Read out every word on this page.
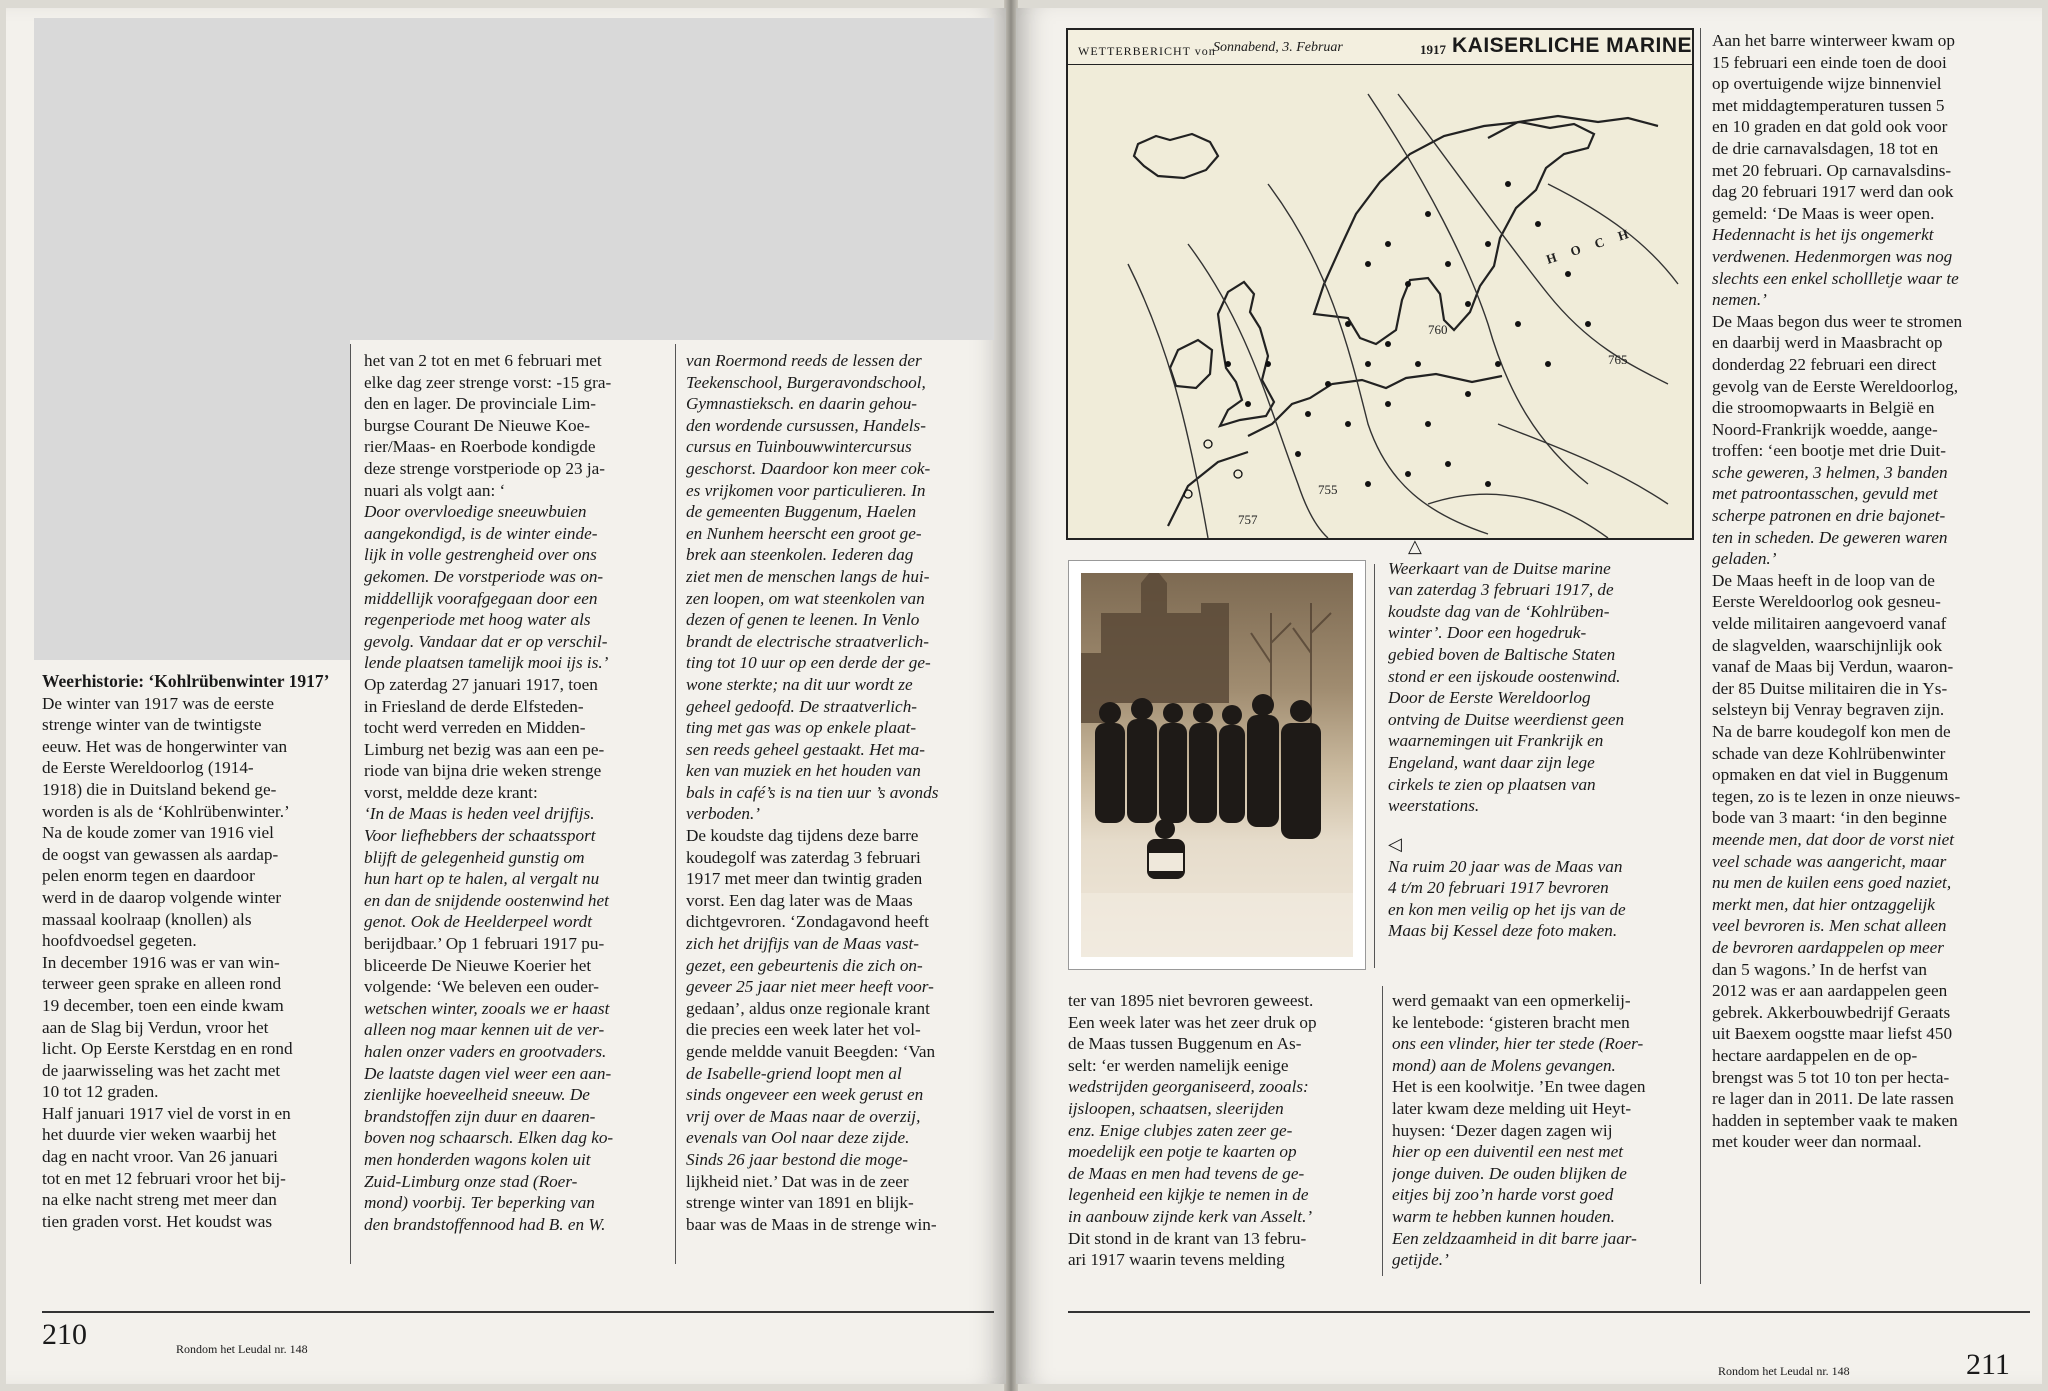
Weerhistorie: ‘Kohlrübenwinter 1917’

De winter van 1917 was de eerste
strenge winter van de twintigste
eeuw. Het was de hongerwinter van
de Eerste Wereldoorlog (1914-
1918) die in Duitsland bekend ge-
worden is als de ‘Kohlrübenwinter.’
Na de koude zomer van 1916 viel
de oogst van gewassen als aardap-
pelen enorm tegen en daardoor
werd in de daarop volgende winter
massaal koolraap (knollen) als
hoofdvoedsel gegeten.
In december 1916 was er van win-
terweer geen sprake en alleen rond
19 december, toen een einde kwam
aan de Slag bij Verdun, vroor het
licht. Op Eerste Kerstdag en en rond
de jaarwisseling was het zacht met
10 tot 12 graden.
Half januari 1917 viel de vorst in en
het duurde vier weken waarbij het
dag en nacht vroor. Van 26 januari
tot en met 12 februari vroor het bij-
na elke nacht streng met meer dan
tien graden vorst. Het koudst was
het van 2 tot en met 6 februari met
elke dag zeer strenge vorst: -15 gra-
den en lager. De provinciale Lim-
burgse Courant De Nieuwe Koe-
rier/Maas- en Roerbode kondigde
deze strenge vorstperiode op 23 ja-
nuari als volgt aan: ‘
Door overvloedige sneeuwbuien
aangekondigd, is de winter einde-
lijk in volle gestrengheid over ons
gekomen. De vorstperiode was on-
middellijk voorafgegaan door een
regenperiode met hoog water als
gevolg. Vandaar dat er op verschil-
lende plaatsen tamelijk mooi ijs is.’
Op zaterdag 27 januari 1917, toen
in Friesland de derde Elfsteden-
tocht werd verreden en Midden-
Limburg net bezig was aan een pe-
riode van bijna drie weken strenge
vorst, meldde deze krant:
‘In de Maas is heden veel drijfijs.
Voor liefhebbers der schaatssport
blijft de gelegenheid gunstig om
hun hart op te halen, al vergalt nu
en dan de snijdende oostenwind het
genot. Ook de Heelderpeel wordt
berijdbaar.’ Op 1 februari 1917 pu-
bliceerde De Nieuwe Koerier het
volgende: ‘We beleven een ouder-
wetschen winter, zooals we er haast
alleen nog maar kennen uit de ver-
halen onzer vaders en grootvaders.
De laatste dagen viel weer een aan-
zienlijke hoeveelheid sneeuw. De
brandstoffen zijn duur en daaren-
boven nog schaarsch. Elken dag ko-
men honderden wagons kolen uit
Zuid-Limburg onze stad (Roer-
mond) voorbij. Ter beperking van
den brandstoffennood had B. en W.
van Roermond reeds de lessen der
Teekenschool, Burgeravondschool,
Gymnastieksch. en daarin gehou-
den wordende cursussen, Handels-
cursus en Tuinbouwwintercursus
geschorst. Daardoor kon meer cok-
es vrijkomen voor particulieren. In
de gemeenten Buggenum, Haelen
en Nunhem heerscht een groot ge-
brek aan steenkolen. Iederen dag
ziet men de menschen langs de hui-
zen loopen, om wat steenkolen van
dezen of genen te leenen. In Venlo
brandt de electrische straatverlich-
ting tot 10 uur op een derde der ge-
wone sterkte; na dit uur wordt ze
geheel gedoofd. De straatverlich-
ting met gas was op enkele plaat-
sen reeds geheel gestaakt. Het ma-
ken van muziek en het houden van
bals in café’s is na tien uur ’s avonds
verboden.’
De koudste dag tijdens deze barre
koudegolf was zaterdag 3 februari
1917 met meer dan twintig graden
vorst. Een dag later was de Maas
dichtgevroren. ‘Zondagavond heeft
zich het drijfijs van de Maas vast-
gezet, een gebeurtenis die zich on-
geveer 25 jaar niet meer heeft voor-
gedaan’, aldus onze regionale krant
die precies een week later het vol-
gende meldde vanuit Beegden: ‘Van
de Isabelle-griend loopt men al
sinds ongeveer een week gerust en
vrij over de Maas naar de overzij,
evenals van Ool naar deze zijde.
Sinds 26 jaar bestond die moge-
lijkheid niet.’ Dat was in de zeer
strenge winter van 1891 en blijk-
baar was de Maas in de strenge win-
210	Rondom het Leudal nr. 148
WETTERBERICHT von
Sonnabend, 3. Februar	1917 KAISERLICHE MARINE
H O C H
765
760
755
757
△
Weerkaart van de Duitse marine
van zaterdag 3 februari 1917, de
koudste dag van de ‘Kohlrüben-
winter’. Door een hogedruk-
gebied boven de Baltische Staten
stond er een ijskoude oostenwind.
Door de Eerste Wereldoorlog
ontving de Duitse weerdienst geen
waarnemingen uit Frankrijk en
Engeland, want daar zijn lege
cirkels te zien op plaatsen van
weerstations.
◁
Na ruim 20 jaar was de Maas van
4 t/m 20 februari 1917 bevroren
en kon men veilig op het ijs van de
Maas bij Kessel deze foto maken.
ter van 1895 niet bevroren geweest.
Een week later was het zeer druk op
de Maas tussen Buggenum en As-
selt: ‘er werden namelijk eenige
wedstrijden georganiseerd, zooals:
ijsloopen, schaatsen, sleerijden
enz. Enige clubjes zaten zeer ge-
moedelijk een potje te kaarten op
de Maas en men had tevens de ge-
legenheid een kijkje te nemen in de
in aanbouw zijnde kerk van Asselt.’
Dit stond in de krant van 13 febru-
ari 1917 waarin tevens melding
werd gemaakt van een opmerkelij-
ke lentebode: ‘gisteren bracht men
ons een vlinder, hier ter stede (Roer-
mond) aan de Molens gevangen.
Het is een koolwitje. ’En twee dagen
later kwam deze melding uit Heyt-
huysen: ‘Dezer dagen zagen wij
hier op een duiventil een nest met
jonge duiven. De ouden blijken de
eitjes bij zoo’n harde vorst goed
warm te hebben kunnen houden.
Een zeldzaamheid in dit barre jaar-
getijde.’
Aan het barre winterweer kwam op
15 februari een einde toen de dooi
op overtuigende wijze binnenviel
met middagtemperaturen tussen 5
en 10 graden en dat gold ook voor
de drie carnavalsdagen, 18 tot en
met 20 februari. Op carnavalsdins-
dag 20 februari 1917 werd dan ook
gemeld: ‘De Maas is weer open.
Hedennacht is het ijs ongemerkt
verdwenen. Hedenmorgen was nog
slechts een enkel schollletje waar te
nemen.’
De Maas begon dus weer te stromen
en daarbij werd in Maasbracht op
donderdag 22 februari een direct
gevolg van de Eerste Wereldoorlog,
die stroomopwaarts in België en
Noord-Frankrijk woedde, aange-
troffen: ‘een bootje met drie Duit-
sche geweren, 3 helmen, 3 banden
met patroontasschen, gevuld met
scherpe patronen en drie bajonet-
ten in scheden. De geweren waren
geladen.’
De Maas heeft in de loop van de
Eerste Wereldoorlog ook gesneu-
velde militairen aangevoerd vanaf
de slagvelden, waarschijnlijk ook
vanaf de Maas bij Verdun, waaron-
der 85 Duitse militairen die in Ys-
selsteyn bij Venray begraven zijn.
Na de barre koudegolf kon men de
schade van deze Kohlrübenwinter
opmaken en dat viel in Buggenum
tegen, zo is te lezen in onze nieuws-
bode van 3 maart: ‘in den beginne
meende men, dat door de vorst niet
veel schade was aangericht, maar
nu men de kuilen eens goed naziet,
merkt men, dat hier ontzaggelijk
veel bevroren is. Men schat alleen
de bevroren aardappelen op meer
dan 5 wagons.’ In de herfst van
2012 was er aan aardappelen geen
gebrek. Akkerbouwbedrijf Geraats
uit Baexem oogstte maar liefst 450
hectare aardappelen en de op-
brengst was 5 tot 10 ton per hecta-
re lager dan in 2011. De late rassen
hadden in september vaak te maken
met kouder weer dan normaal.
Rondom het Leudal nr. 148	211
